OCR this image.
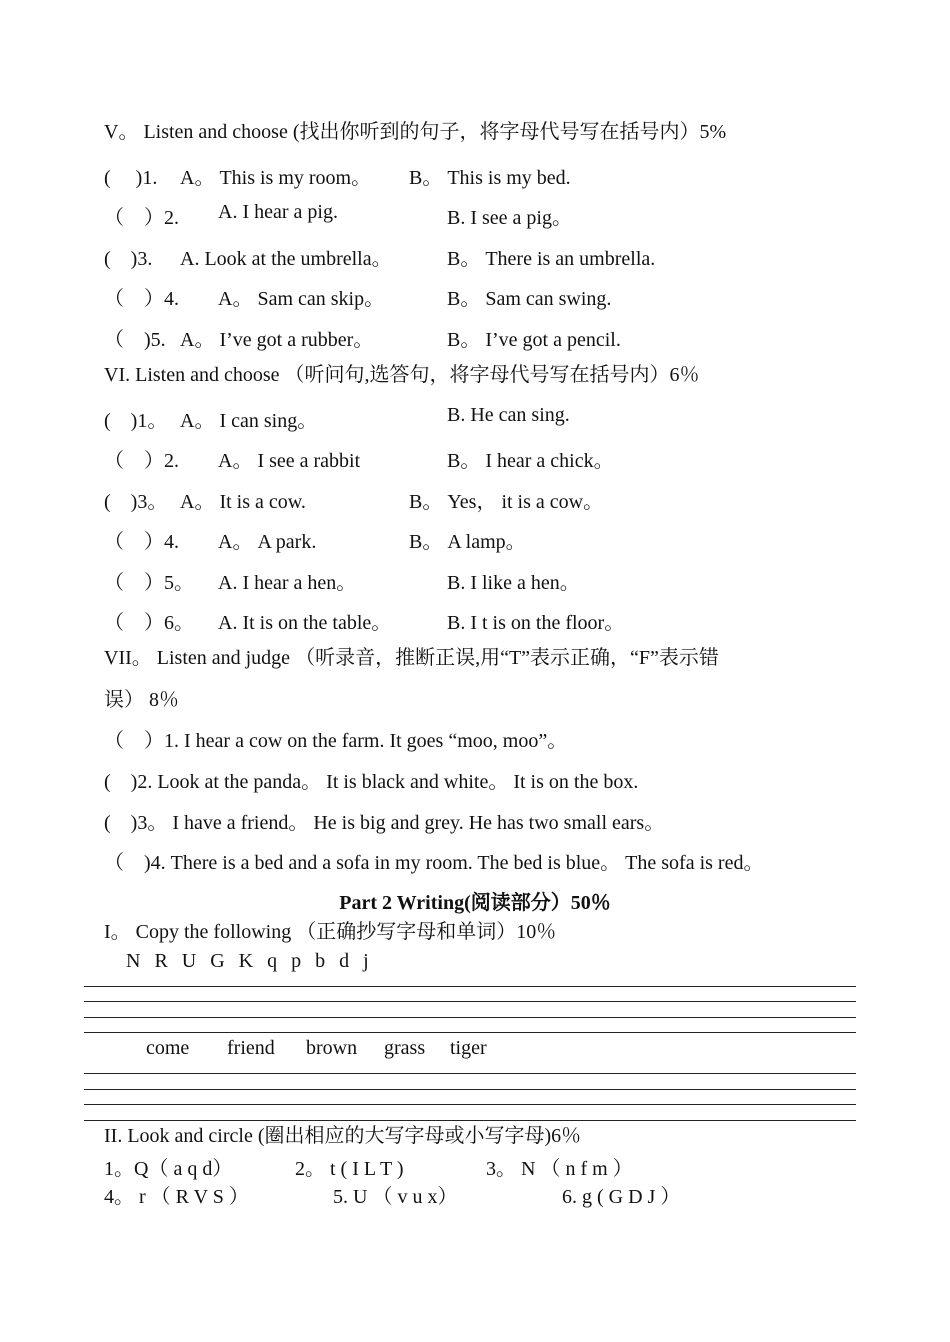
V。 Listen and choose (找出你听到的句子，将字母代号写在括号内）5%
(　 )1. A。 This is my room。 B。 This is my bed.
（　）2. A. I hear a pig.	B. I see a pig。
(　)3. A. Look at the umbrella。	B。 There is an umbrella.
（　）4. A。 Sam can skip。	B。 Sam can swing.
（　)5. A。 I’ve got a rubber。	B。 I’ve got a pencil.
VI. Listen and choose （听问句,选答句，将字母代号写在括号内）6％
(　)1。 A。 I can sing。	B. He can sing.
（　）2. A。 I see a rabbit	B。 I hear a chick。
(　)3。 A。 It is a cow.	B。 Yes， it is a cow。
（　）4. A。 A park.	B。 A lamp。
（　）5。 A. I hear a hen。	B. I like a hen。
（　）6。 A. It is on the table。	B. I t is on the floor。
VII。 Listen and judge （听录音，推断正误,用“T”表示正确，“F”表示错
误） 8％
（　）1. I hear a cow on the farm. It goes “moo, moo”。
(　)2. Look at the panda。 It is black and white。 It is on the box.
(　)3。 I have a friend。 He is big and grey. He has two small ears。
（　)4. There is a bed and a sofa in my room. The bed is blue。 The sofa is red。
Part 2 Writing(阅读部分）50％
I。 Copy the following （正确抄写字母和单词）10％
N R U G K q p b d j
come friend brown grass tiger
II. Look and circle (圈出相应的大写字母或小写字母)6％
1。Q（ a q d）	2。 t ( I L T )	3。 N （ n f m ）
4。 r （ R V S ）	5. U （ v u x）	6. g ( G D J ）
